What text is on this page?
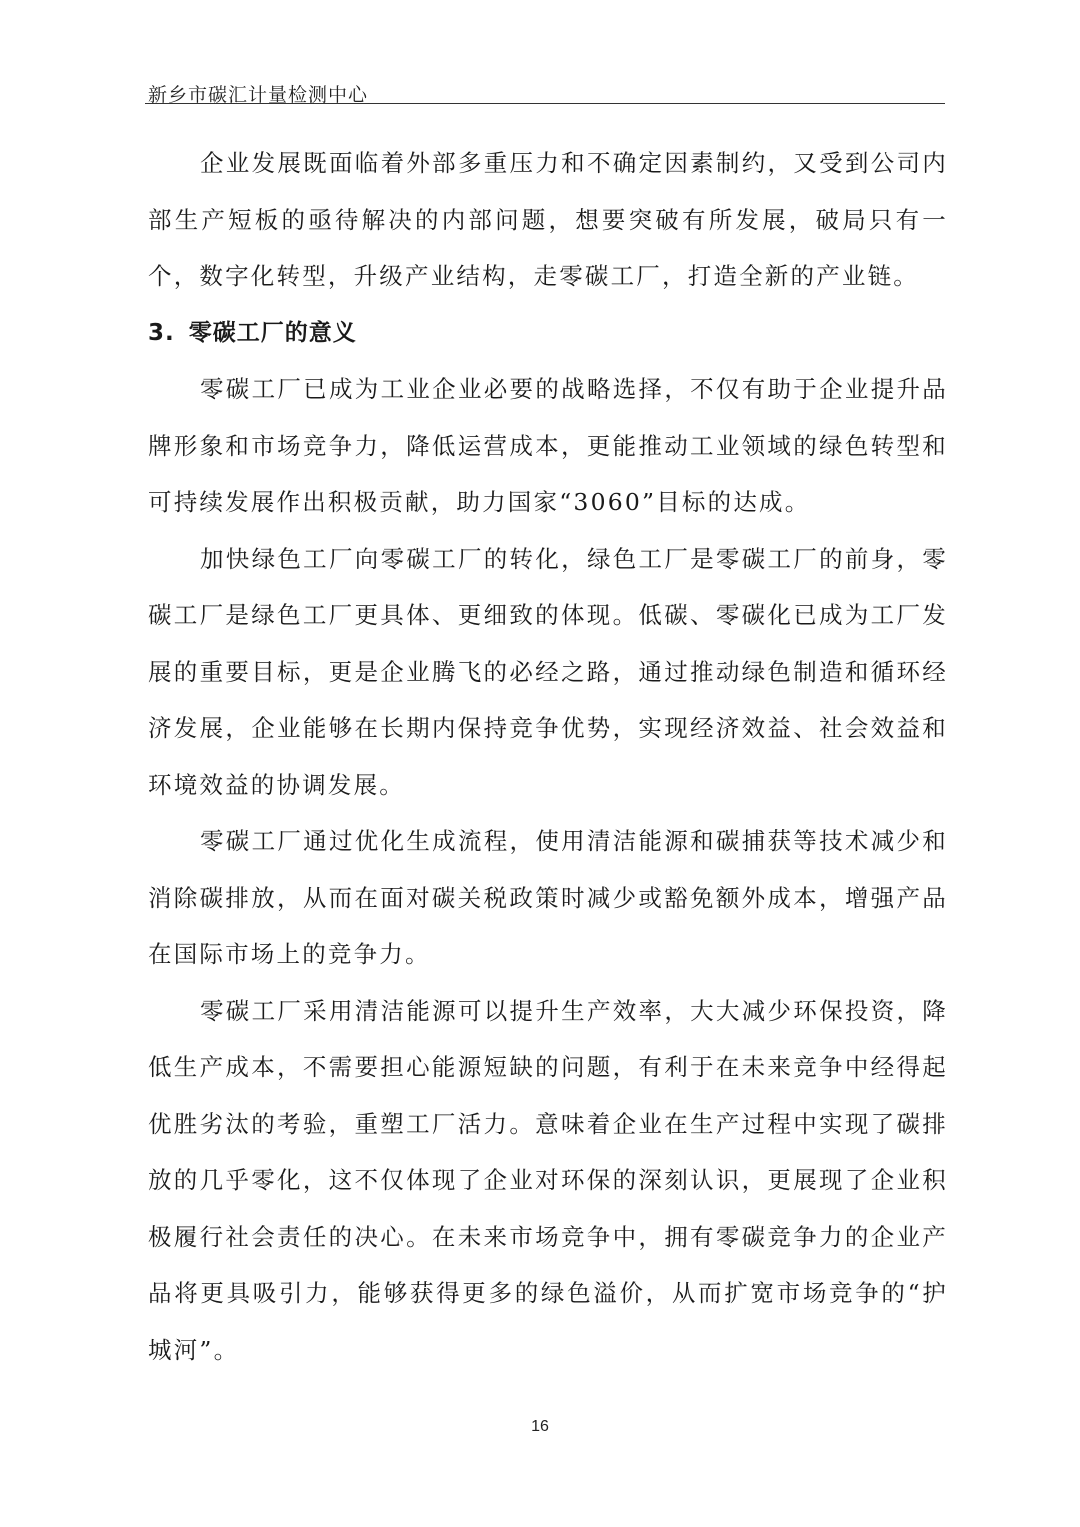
新乡市碳汇计量检测中心

企业发展既面临着外部多重压力和不确定因素制约，又受到公司内部生产短板的亟待解决的内部问题，想要突破有所发展，破局只有一个，数字化转型，升级产业结构，走零碳工厂，打造全新的产业链。

3. 零碳工厂的意义

零碳工厂已成为工业企业必要的战略选择，不仅有助于企业提升品牌形象和市场竞争力，降低运营成本，更能推动工业领域的绿色转型和可持续发展作出积极贡献，助力国家“3060”目标的达成。

加快绿色工厂向零碳工厂的转化，绿色工厂是零碳工厂的前身，零碳工厂是绿色工厂更具体、更细致的体现。低碳、零碳化已成为工厂发展的重要目标，更是企业腾飞的必经之路，通过推动绿色制造和循环经济发展，企业能够在长期内保持竞争优势，实现经济效益、社会效益和环境效益的协调发展。

零碳工厂通过优化生成流程，使用清洁能源和碳捕获等技术减少和消除碳排放，从而在面对碳关税政策时减少或豁免额外成本，增强产品在国际市场上的竞争力。

零碳工厂采用清洁能源可以提升生产效率，大大减少环保投资，降低生产成本，不需要担心能源短缺的问题，有利于在未来竞争中经得起优胜劣汰的考验，重塑工厂活力。意味着企业在生产过程中实现了碳排放的几乎零化，这不仅体现了企业对环保的深刻认识，更展现了企业积极履行社会责任的决心。在未来市场竞争中，拥有零碳竞争力的企业产品将更具吸引力，能够获得更多的绿色溢价，从而扩宽市场竞争的“护城河”。

16
